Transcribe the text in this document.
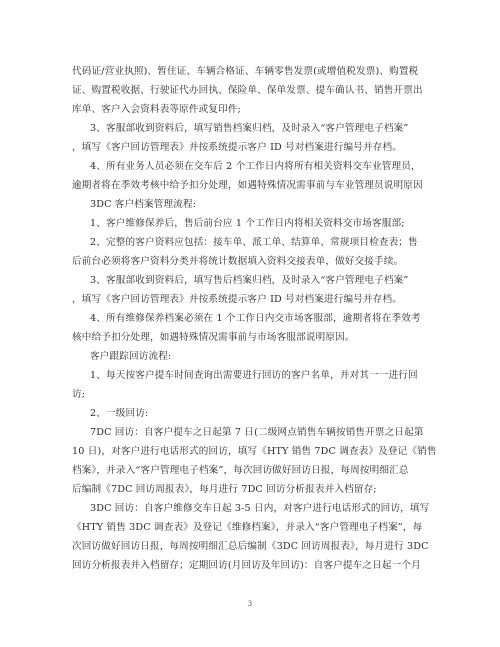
代码证/营业执照)、暂住证、车辆合格证、车辆零售发票(或增值税发票)、购置税
证、购置税收据、行驶证代办回执、保险单、保单发票、提车确认书、销售开票出
库单、客户入会资料表等原件或复印件;
3、客服部收到资料后，填写销售档案归档，及时录入“客户管理电子档案”
，填写《客户回访管理表》并按系统提示客户 ID 号对档案进行编号并存档。
4、所有业务人员必须在交车后 2 个工作日内将所有相关资料交车业管理员，
逾期者将在季效考核中给予扣分处理，如遇特殊情况需事前与车业管理员说明原因
3DC 客户档案管理流程:
1、客户维修保养后，售后前台应 1 个工作日内将相关资料交市场客服部;
2、完整的客户资料应包括：接车单、派工单、结算单、常规项目检查表；售
后前台必须将客户资料分类并将统计数据填入资料交接表单，做好交接手续。
3、客服部收到资料后，填写售后档案归档，及时录入“客户管理电子档案”
，填写《客户回访管理表》并按系统提示客户 ID 号对档案进行编号并存档。
4、所有维修保养档案必须在 1 个工作日内交市场客服部，逾期者将在季效考
核中给予扣分处理，如遇特殊情况需事前与市场客服部说明原因。
客户跟踪回访流程:
1、每天按客户提车时间查询出需要进行回访的客户名单，并对其一一进行回
访;
2、一级回访:
7DC 回访：自客户提车之日起第 7 日(二级网点销售车辆按销售开票之日起第
10 日)，对客户进行电话形式的回访，填写《HTY 销售 7DC 调查表》及登记《销售
档案》，并录入“客户管理电子档案”，每次回访做好回访日报，每周按明细汇总
后编制《7DC 回访周报表》，每月进行 7DC 回访分析报表并入档留存;
3DC 回访：自客户维修交车日起 3-5 日内，对客户进行电话形式的回访，填写
《HTY 销售 3DC 调查表》及登记《维修档案》，并录入“客户管理电子档案”，每
次回访做好回访日报，每周按明细汇总后编制《3DC 回访周报表》，每月进行 3DC
回访分析报表并入档留存；定期回访(月回访及年回访)：自客户提车之日起一个月
3
